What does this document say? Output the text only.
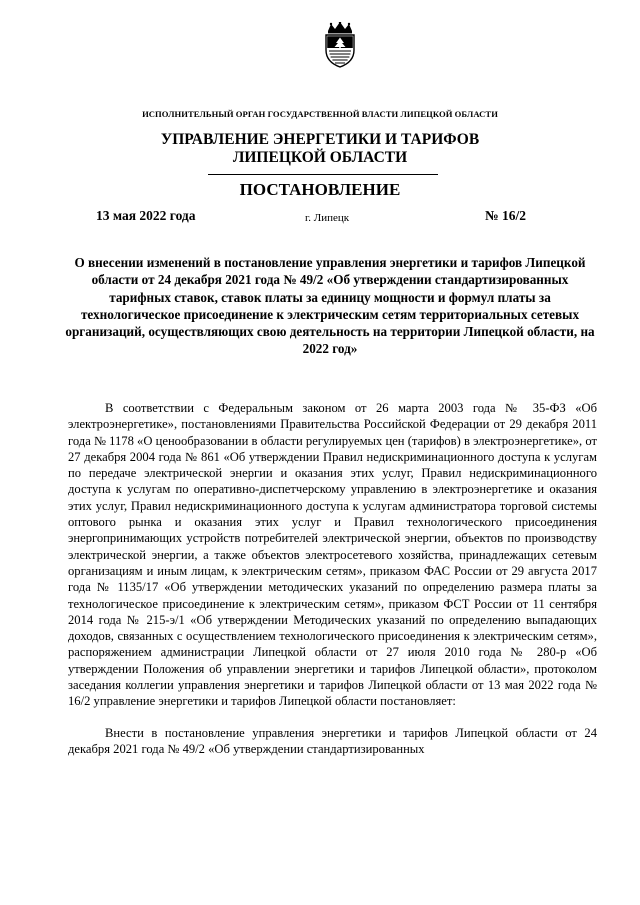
ИСПОЛНИТЕЛЬНЫЙ ОРГАН ГОСУДАРСТВЕННОЙ ВЛАСТИ ЛИПЕЦКОЙ ОБЛАСТИ
УПРАВЛЕНИЕ ЭНЕРГЕТИКИ И ТАРИФОВ
ЛИПЕЦКОЙ ОБЛАСТИ
ПОСТАНОВЛЕНИЕ
13 мая 2022 года	г. Липецк	№ 16/2

О внесении изменений в постановление управления энергетики и тарифов Липецкой области от 24 декабря 2021 года № 49/2 «Об утверждении стандартизированных тарифных ставок, ставок платы за единицу мощности и формул платы за технологическое присоединение к электрическим сетям территориальных сетевых организаций, осуществляющих свою деятельность на территории Липецкой области, на 2022 год»

В соответствии с Федеральным законом от 26 марта 2003 года № 35-ФЗ «Об электроэнергетике», постановлениями Правительства Российской Федерации от 29 декабря 2011 года № 1178 «О ценообразовании в области регулируемых цен (тарифов) в электроэнергетике», от 27 декабря 2004 года № 861 «Об утверждении Правил недискриминационного доступа к услугам по передаче электрической энергии и оказания этих услуг, Правил недискриминационного доступа к услугам по оперативно-диспетчерскому управлению в электроэнергетике и оказания этих услуг, Правил недискриминационного доступа к услугам администратора торговой системы оптового рынка и оказания этих услуг и Правил технологического присоединения энергопринимающих устройств потребителей электрической энергии, объектов по производству электрической энергии, а также объектов электросетевого хозяйства, принадлежащих сетевым организациям и иным лицам, к электрическим сетям», приказом ФАС России от 29 августа 2017 года № 1135/17 «Об утверждении методических указаний по определению размера платы за технологическое присоединение к электрическим сетям», приказом ФСТ России от 11 сентября 2014 года № 215-э/1 «Об утверждении Методических указаний по определению выпадающих доходов, связанных с осуществлением технологического присоединения к электрическим сетям», распоряжением администрации Липецкой области от 27 июля 2010 года № 280-р «Об утверждении Положения об управлении энергетики и тарифов Липецкой области», протоколом заседания коллегии управления энергетики и тарифов Липецкой области от 13 мая 2022 года № 16/2 управление энергетики и тарифов Липецкой области постановляет:

Внести в постановление управления энергетики и тарифов Липецкой области от 24 декабря 2021 года № 49/2 «Об утверждении стандартизированных
